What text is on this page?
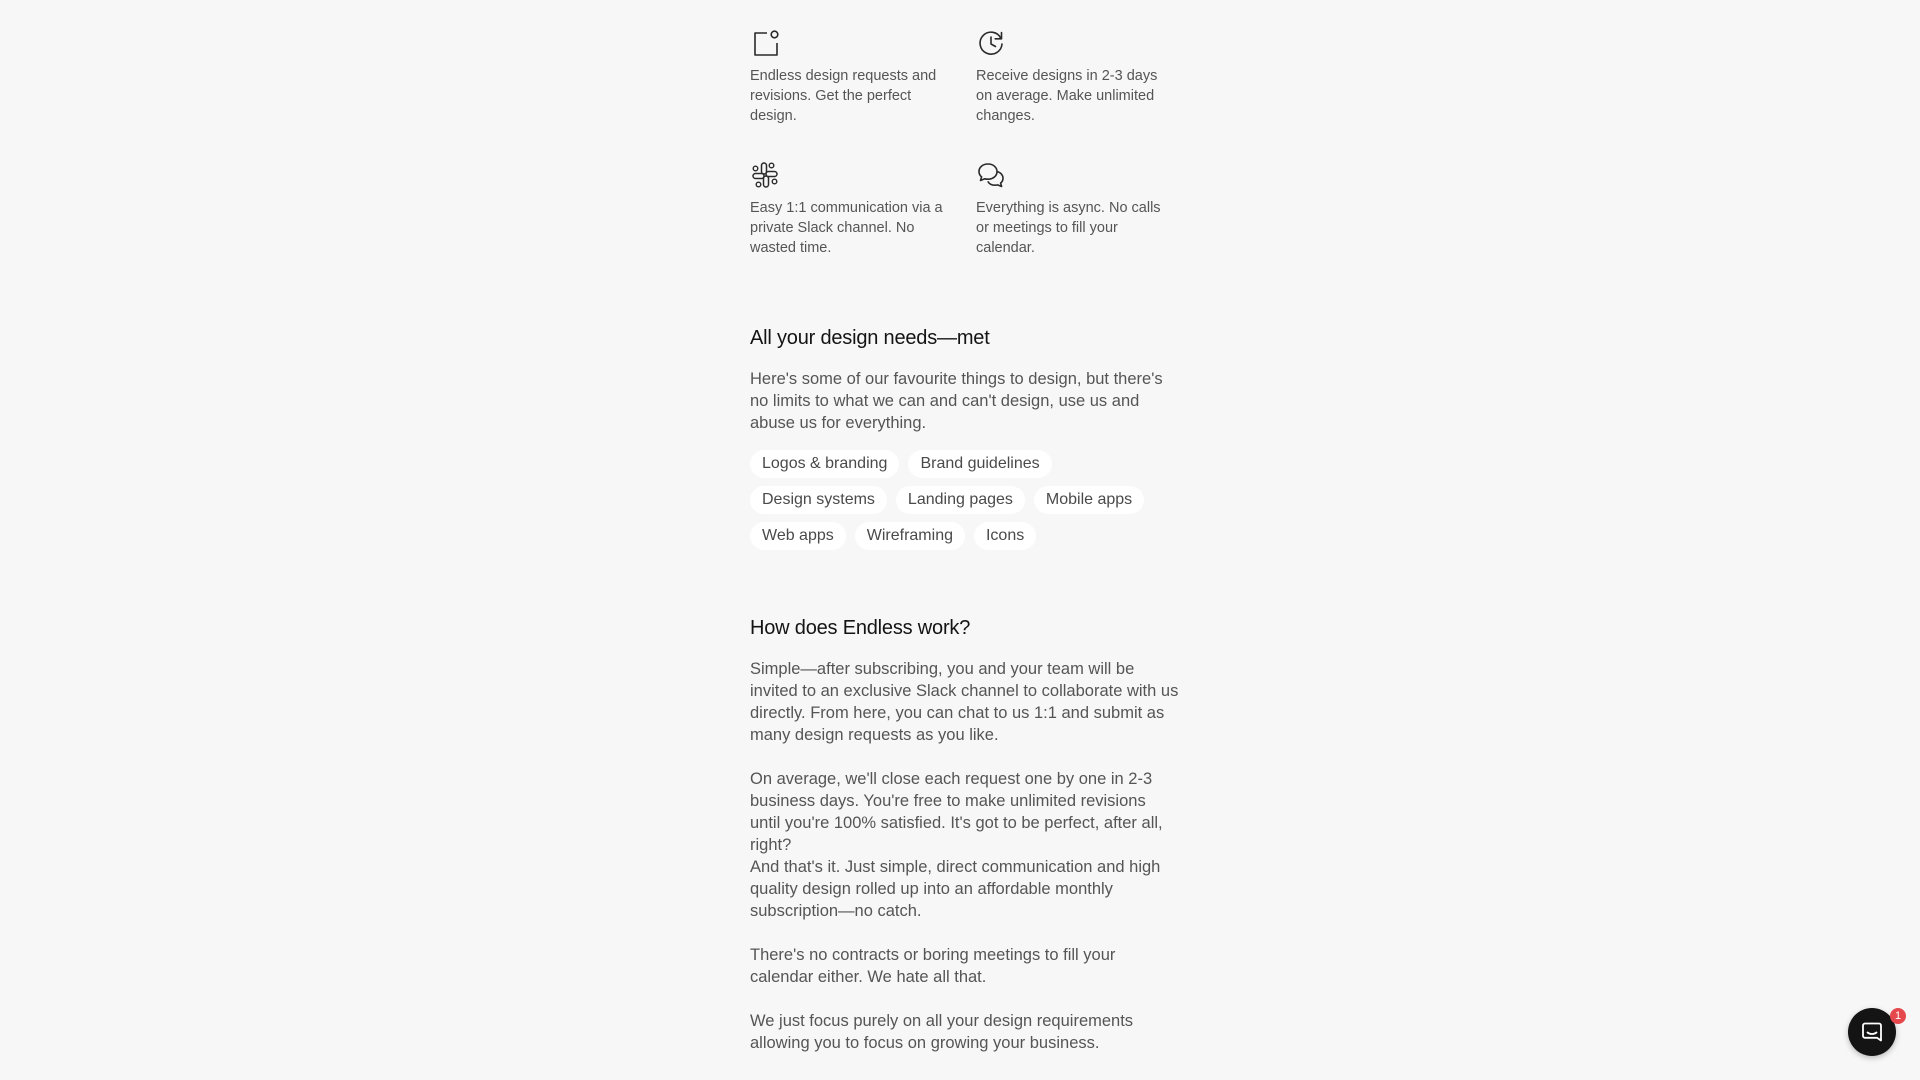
Endless design requests and revisions. Get the perfect design.
Receive designs in 2-3 days on average. Make unlimited changes.
Easy 1:1 communication via a private Slack channel. No wasted time.
Everything is async. No calls or meetings to fill your calendar.
All your design needs—met

Here's some of our favourite things to design, but there's no limits to what we can and can't design, use us and abuse us for everything.

Logos & branding	Brand guidelines
Design systems	Landing pages	Mobile apps
Web apps	Wireframing	Icons
How does Endless work?

Simple—after subscribing, you and your team will be invited to an exclusive Slack channel to collaborate with us directly. From here, you can chat to us 1:1 and submit as many design requests as you like.

On average, we'll close each request one by one in 2-3 business days. You're free to make unlimited revisions until you're 100% satisfied. It's got to be perfect, after all, right?

And that's it. Just simple, direct communication and high quality design rolled up into an affordable monthly subscription—no catch.

There's no contracts or boring meetings to fill your calendar either. We hate all that.

We just focus purely on all your design requirements allowing you to focus on growing your business.

1
